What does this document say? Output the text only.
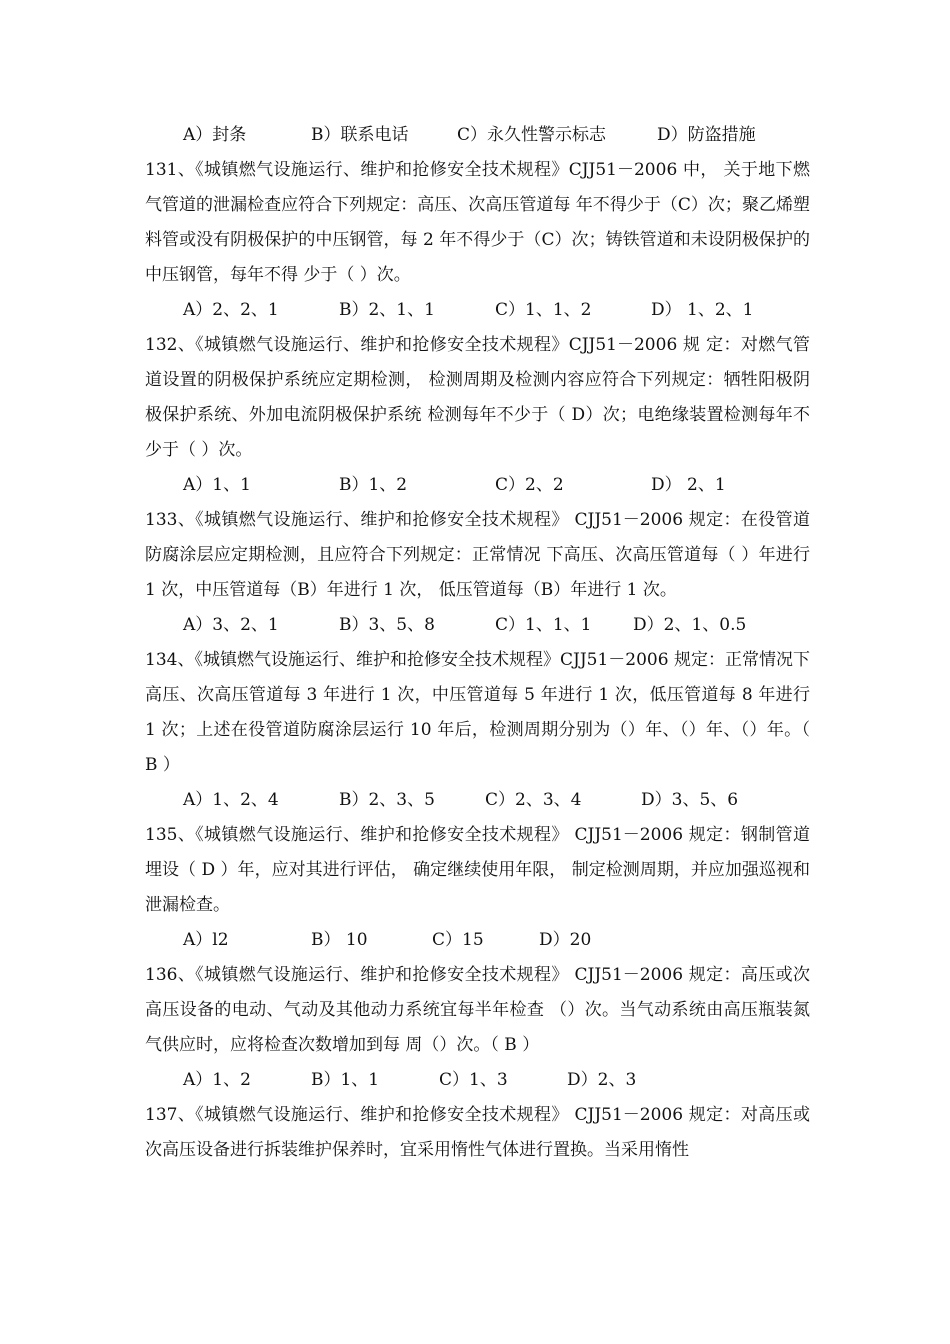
A）封条	B）联系电话	C）永久性警示标志	D）防盗措施

131、《城镇燃气设施运行、维护和抢修安全技术规程》CJJ51－2006 中， 关于地下燃气管道的泄漏检查应符合下列规定：高压、次高压管道每 年不得少于（C）次；聚乙烯塑料管或没有阴极保护的中压钢管，每 2 年不得少于（C）次；铸铁管道和未设阴极保护的中压钢管，每年不得 少于（ ）次。

A）2、2、1	B）2、1、1	C）1、1、2	D） 1、2、1

132、《城镇燃气设施运行、维护和抢修安全技术规程》CJJ51－2006 规 定：对燃气管道设置的阴极保护系统应定期检测， 检测周期及检测内容应符合下列规定：牺牲阳极阴极保护系统、外加电流阴极保护系统 检测每年不少于（ D）次；电绝缘装置检测每年不少于（ ）次。

A）1、1	B）1、2	C）2、2	D） 2、1

133、《城镇燃气设施运行、维护和抢修安全技术规程》 CJJ51－2006 规定：在役管道防腐涂层应定期检测，且应符合下列规定：正常情况 下高压、次高压管道每（ ）年进行 1 次，中压管道每（B）年进行 1 次， 低压管道每（B）年进行 1 次。

A）3、2、1	B）3、5、8	C）1、1、1 D）2、1、0.5

134、《城镇燃气设施运行、维护和抢修安全技术规程》CJJ51－2006 规定：正常情况下高压、次高压管道每 3 年进行 1 次，中压管道每 5 年进行 1 次，低压管道每 8 年进行 1 次；上述在役管道防腐涂层运行 10 年后，检测周期分别为（）年、（）年、（）年。（ B ）

A）1、2、4	B）2、3、5	C）2、3、4	D）3、5、6

135、《城镇燃气设施运行、维护和抢修安全技术规程》 CJJ51－2006 规定：钢制管道埋设（ D ）年，应对其进行评估， 确定继续使用年限， 制定检测周期，并应加强巡视和泄漏检查。

A）l2	B） 10	C）15	D）20

136、《城镇燃气设施运行、维护和抢修安全技术规程》 CJJ51－2006 规定：高压或次高压设备的电动、气动及其他动力系统宜每半年检查 （）次。当气动系统由高压瓶装氮气供应时，应将检查次数增加到每 周（）次。（ B ）

A）1、2	B）1、1	C）1、3	D）2、3

137、《城镇燃气设施运行、维护和抢修安全技术规程》 CJJ51－2006 规定：对高压或次高压设备进行拆装维护保养时，宜采用惰性气体进行置换。当采用惰性
